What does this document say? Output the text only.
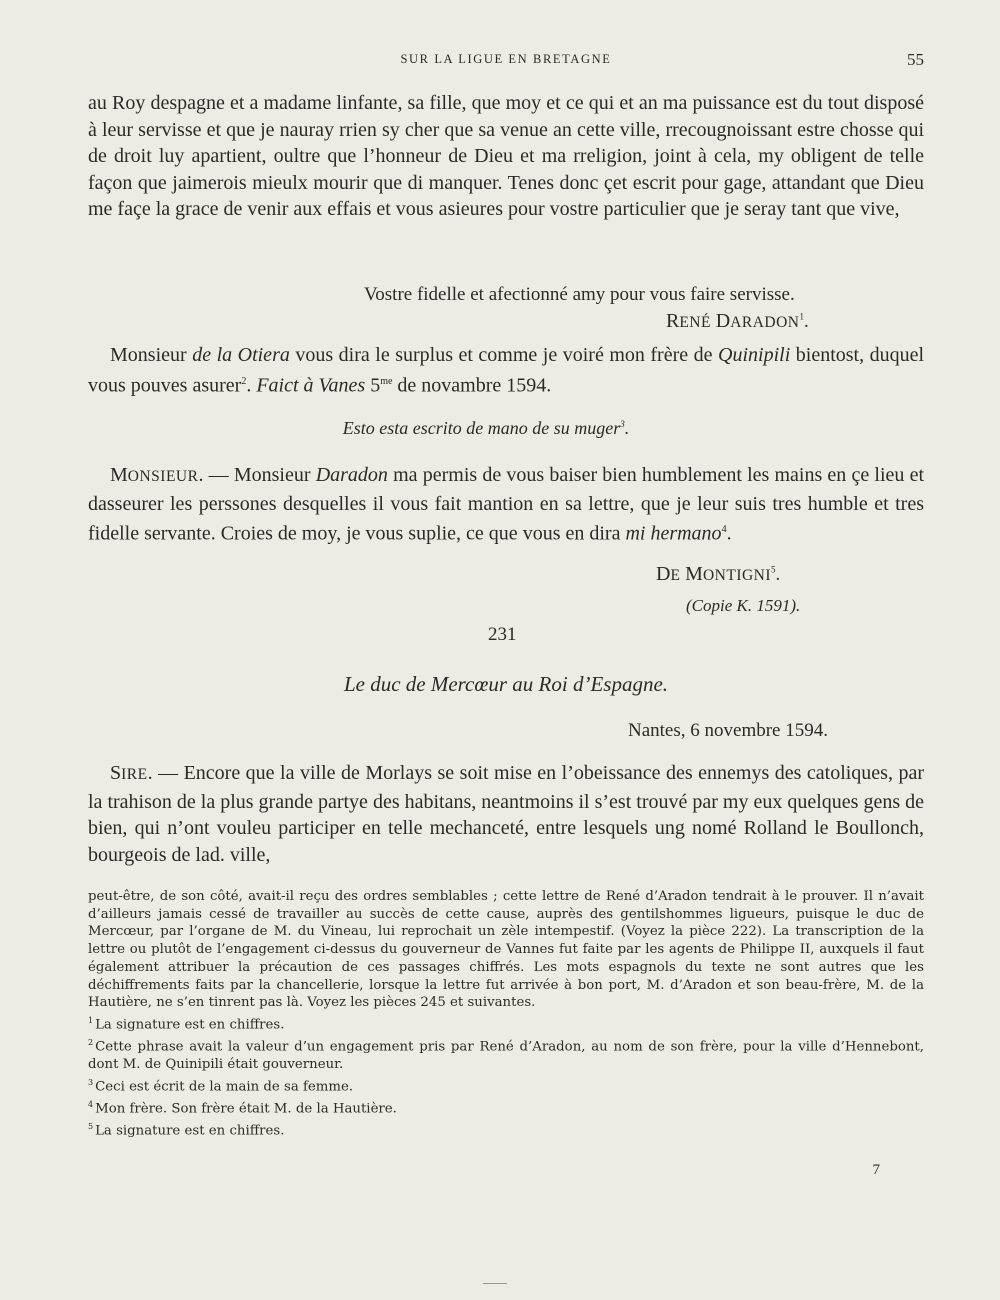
SUR LA LIGUE EN BRETAGNE	55

au Roy despagne et a madame linfante, sa fille, que moy et ce qui et an ma puissance est du tout disposé à leur servisse et que je nauray rrien sy cher que sa venue an cette ville, rrecougnoissant estre chosse qui de droit luy apartient, oultre que l’honneur de Dieu et ma rreligion, joint à cela, my obligent de telle façon que jaimerois mieulx mourir que di manquer. Tenes donc çet escrit pour gage, attandant que Dieu me façe la grace de venir aux effais et vous asieures pour vostre particulier que je seray tant que vive,

Vostre fidelle et afectionné amy pour vous faire servisse.
RENÉ DARADON$^1$.

Monsieur de la Otiera vous dira le surplus et comme je voiré mon frère de Quinipili bientost, duquel vous pouves asurer$^2$. Faict à Vanes $5^{me}$ de novambre 1594.

Esto esta escrito de mano de su muger$^3$.

MONSIEUR. — Monsieur Daradon ma permis de vous baiser bien humblement les mains en çe lieu et dasseurer les perssones desquelles il vous fait mantion en sa lettre, que je leur suis tres humble et tres fidelle servante. Croies de moy, je vous suplie, ce que vous en dira mi hermano$^4$.

DE MONTIGNI$^5$.
(Copie K. 1591).
231
Le duc de Mercœur au Roi d’Espagne.
Nantes, 6 novembre 1594.

SIRE. — Encore que la ville de Morlays se soit mise en l’obeissance des ennemys des catoliques, par la trahison de la plus grande partye des habitans, neantmoins il s’est trouvé par my eux quelques gens de bien, qui n’ont vouleu participer en telle mechanceté, entre lesquels ung nomé Rolland le Boullonch, bourgeois de lad. ville,

peut-être, de son côté, avait-il reçu des ordres semblables ; cette lettre de René d’Aradon tendrait à le prouver. Il n’avait d’ailleurs jamais cessé de travailler au succès de cette cause, auprès des gentilshommes ligueurs, puisque le duc de Mercœur, par l’organe de M. du Vineau, lui reprochait un zèle intempestif. (Voyez la pièce 222). La transcription de la lettre ou plutôt de l’engagement ci-dessus du gouverneur de Vannes fut faite par les agents de Philippe II, auxquels il faut également attribuer la précaution de ces passages chiffrés. Les mots espagnols du texte ne sont autres que les déchiffrements faits par la chancellerie, lorsque la lettre fut arrivée à bon port, M. d’Aradon et son beau-frère, M. de la Hautière, ne s’en tinrent pas là. Voyez les pièces 245 et suivantes.

$^1$ La signature est en chiffres.

$^2$ Cette phrase avait la valeur d’un engagement pris par René d’Aradon, au nom de son frère, pour la ville d’Hennebont, dont M. de Quinipili était gouverneur.

$^3$ Ceci est écrit de la main de sa femme.

$^4$ Mon frère. Son frère était M. de la Hautière.

$^5$ La signature est en chiffres.

7
